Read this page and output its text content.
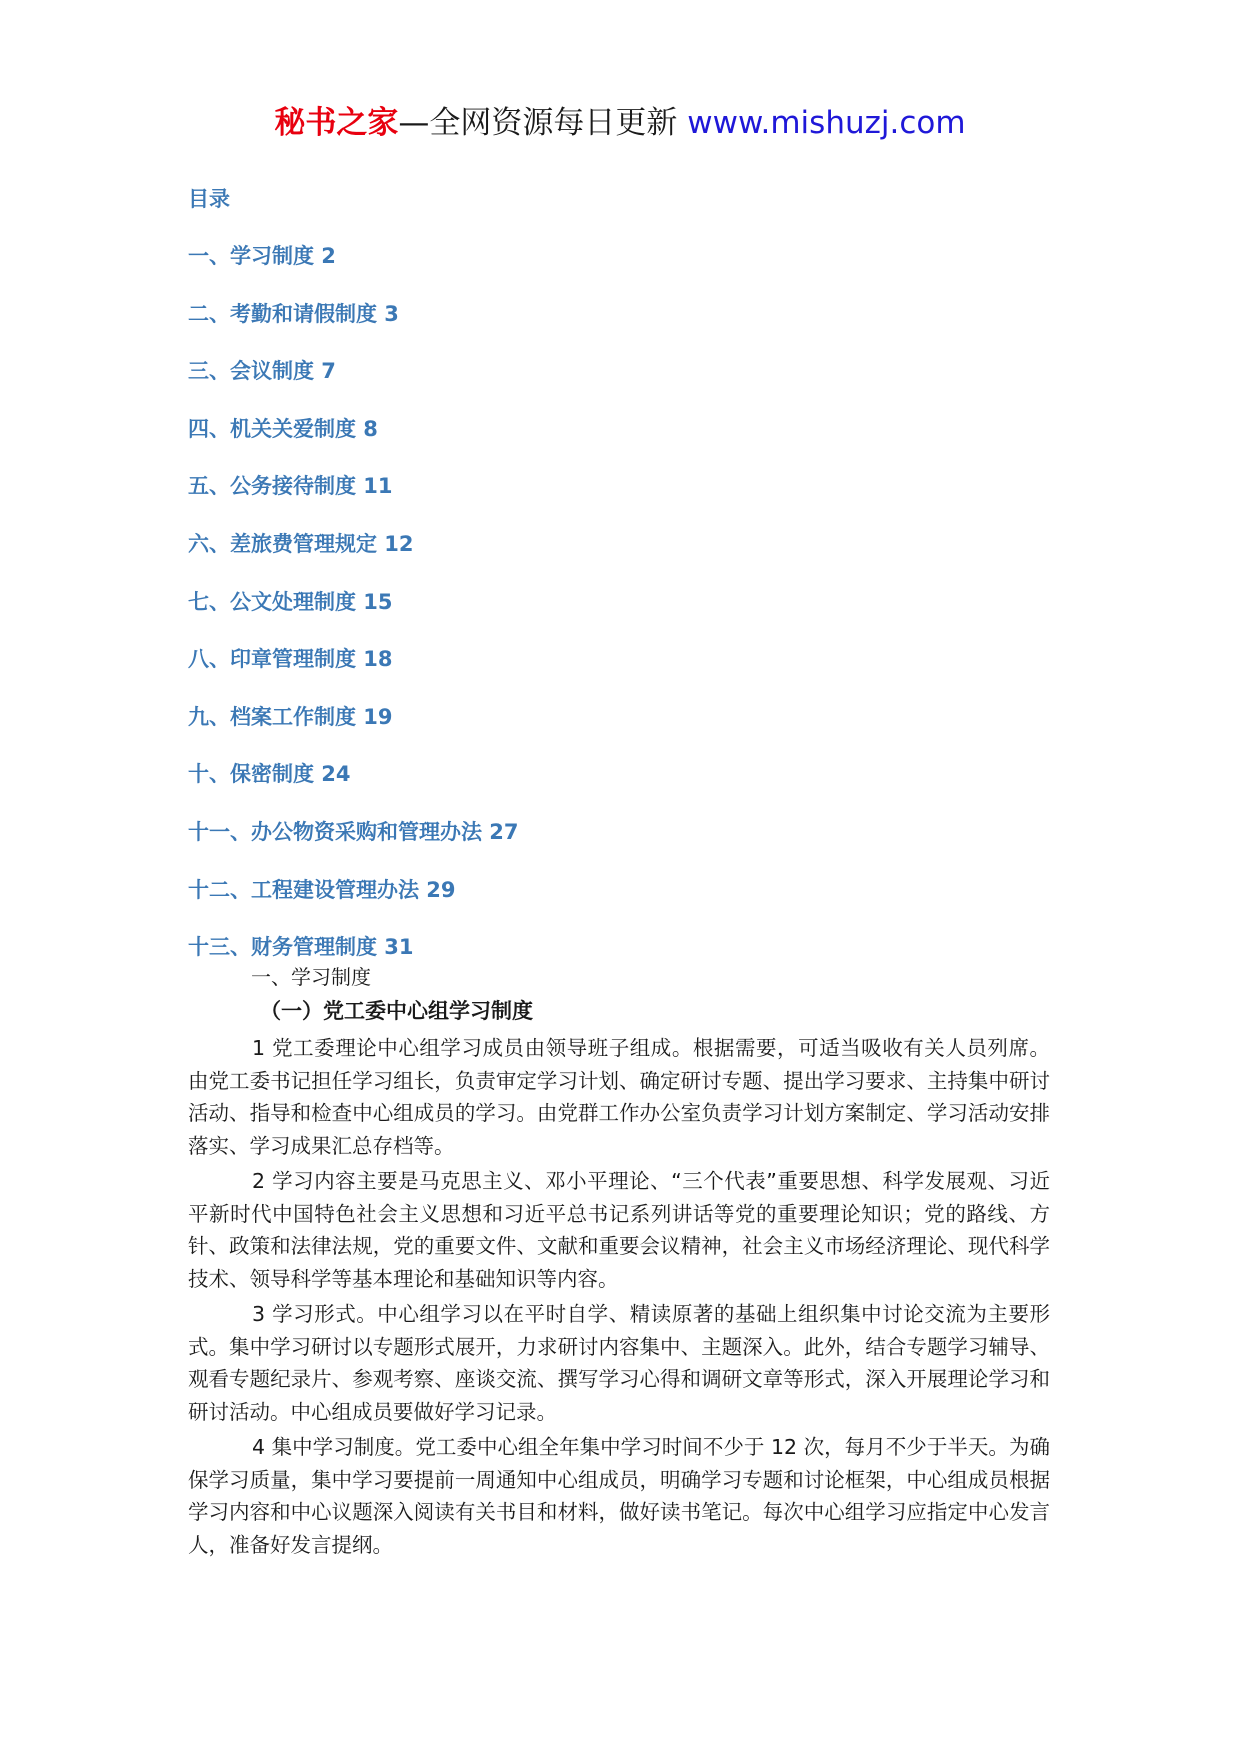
秘书之家—全网资源每日更新 www.mishuzj.com
目录
一、学习制度 2
二、考勤和请假制度 3
三、会议制度 7
四、机关关爱制度 8
五、公务接待制度 11
六、差旅费管理规定 12
七、公文处理制度 15
八、印章管理制度 18
九、档案工作制度 19
十、保密制度 24
十一、办公物资采购和管理办法 27
十二、工程建设管理办法 29
十三、财务管理制度 31
一、学习制度
（一）党工委中心组学习制度

1 党工委理论中心组学习成员由领导班子组成。根据需要，可适当吸收有关人员列席。由党工委书记担任学习组长，负责审定学习计划、确定研讨专题、提出学习要求、主持集中研讨活动、指导和检查中心组成员的学习。由党群工作办公室负责学习计划方案制定、学习活动安排落实、学习成果汇总存档等。

2 学习内容主要是马克思主义、邓小平理论、“三个代表”重要思想、科学发展观、习近平新时代中国特色社会主义思想和习近平总书记系列讲话等党的重要理论知识；党的路线、方针、政策和法律法规，党的重要文件、文献和重要会议精神，社会主义市场经济理论、现代科学技术、领导科学等基本理论和基础知识等内容。

3 学习形式。中心组学习以在平时自学、精读原著的基础上组织集中讨论交流为主要形式。集中学习研讨以专题形式展开，力求研讨内容集中、主题深入。此外，结合专题学习辅导、观看专题纪录片、参观考察、座谈交流、撰写学习心得和调研文章等形式，深入开展理论学习和研讨活动。中心组成员要做好学习记录。

4 集中学习制度。党工委中心组全年集中学习时间不少于 12 次，每月不少于半天。为确保学习质量，集中学习要提前一周通知中心组成员，明确学习专题和讨论框架，中心组成员根据学习内容和中心议题深入阅读有关书目和材料，做好读书笔记。每次中心组学习应指定中心发言人，准备好发言提纲。
